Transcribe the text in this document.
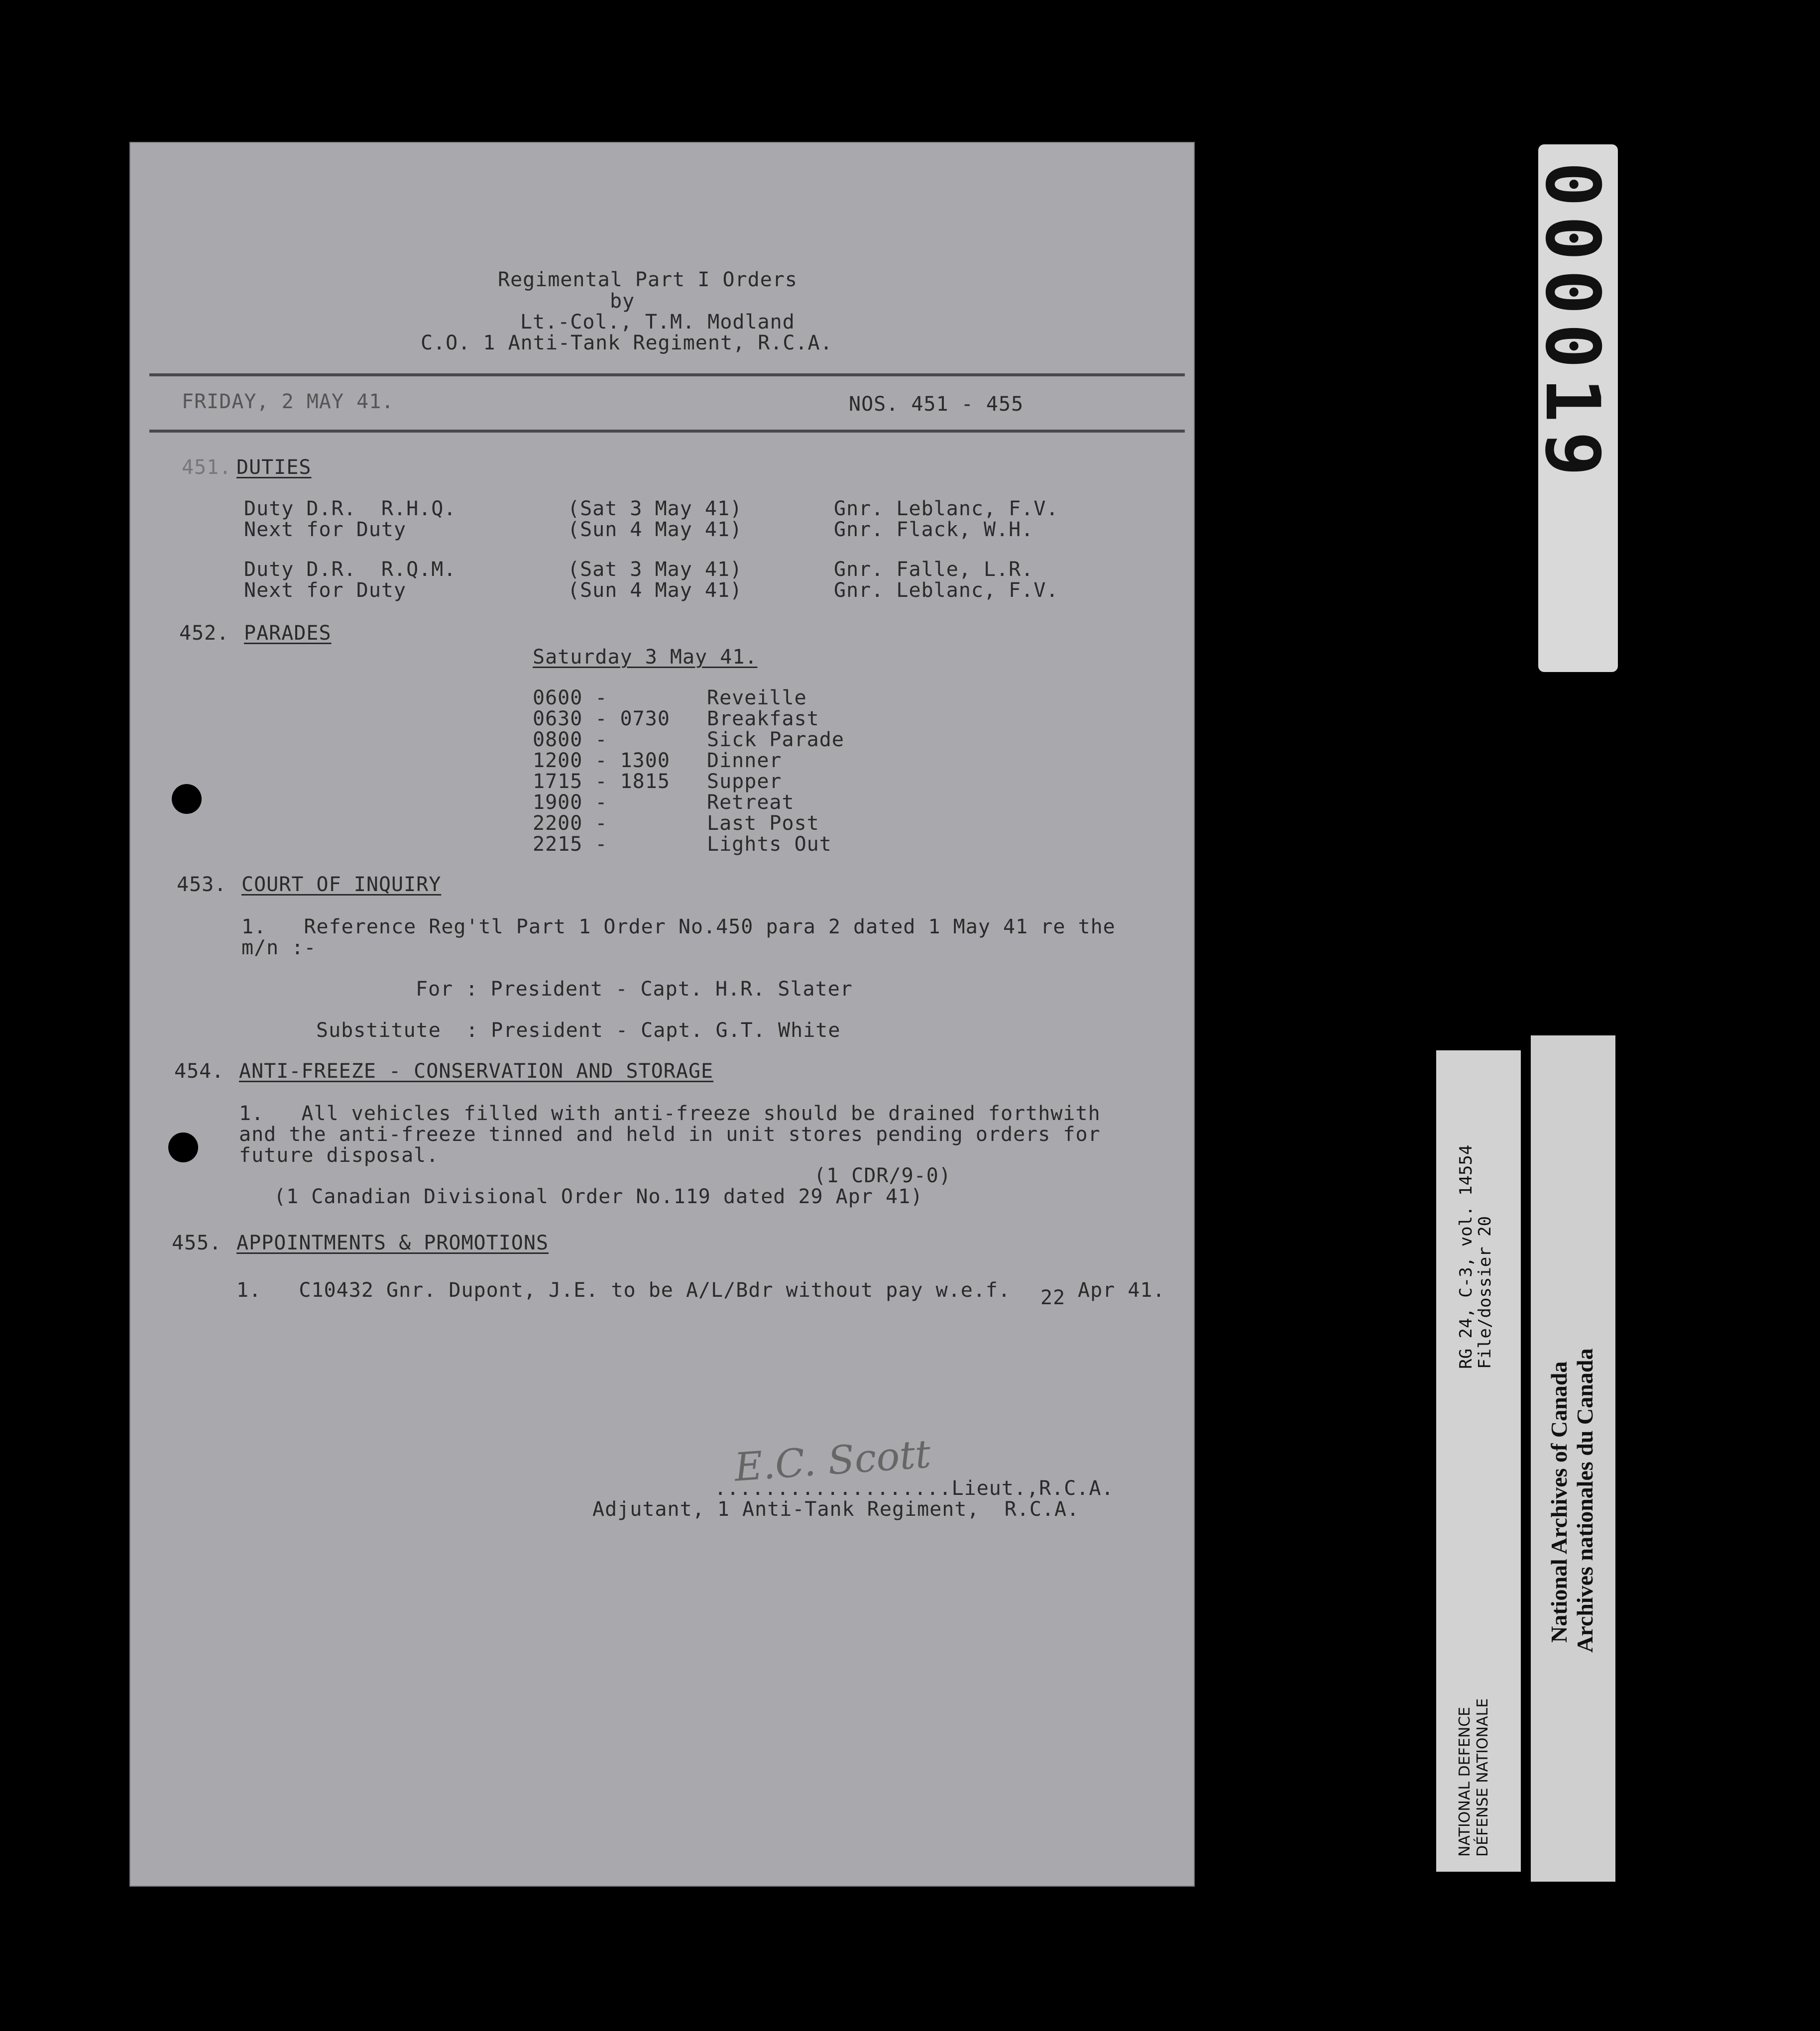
Regimental Part I Orders
by
Lt.-Col., T.M. Modland
C.O. 1 Anti-Tank Regiment, R.C.A.
FRIDAY, 2 MAY 41.	NOS. 451 - 455
451. DUTIES
Duty D.R.  R.H.Q.	(Sat 3 May 41)	Gnr. Leblanc, F.V.
Next for Duty	(Sun 4 May 41)	Gnr. Flack, W.H.
Duty D.R.  R.Q.M.	(Sat 3 May 41)	Gnr. Falle, L.R.
Next for Duty	(Sun 4 May 41)	Gnr. Leblanc, F.V.
452. PARADES
Saturday 3 May 41.
0600 -	Reveille
0630 - 0730 Breakfast
0800 -	Sick Parade
1200 - 1300 Dinner
1715 - 1815 Supper
1900 -	Retreat
2200 -	Last Post
2215 -	Lights Out
453. COURT OF INQUIRY
1.   Reference Reg'tl Part 1 Order No.450 para 2 dated 1 May 41 re the
m/n :-
For : President - Capt. H.R. Slater
Substitute  : President - Capt. G.T. White
454. ANTI-FREEZE - CONSERVATION AND STORAGE
1.   All vehicles filled with anti-freeze should be drained forthwith
and the anti-freeze tinned and held in unit stores pending orders for
future disposal.
(1 CDR/9-0)
(1 Canadian Divisional Order No.119 dated 29 Apr 41)
455. APPOINTMENTS & PROMOTIONS
1.   C10432 Gnr. Dupont, J.E. to be A/L/Bdr without pay w.e.f. 22 Apr 41.
E.C. Scott
...................Lieut.,R.C.A.
Adjutant, 1 Anti-Tank Regiment,  R.C.A.
000019
RG 24, C-3, vol. 14554
File/dossier 20
NATIONAL DEFENCE DÉFENSE NATIONALE
National Archives of Canada Archives nationales du Canada
